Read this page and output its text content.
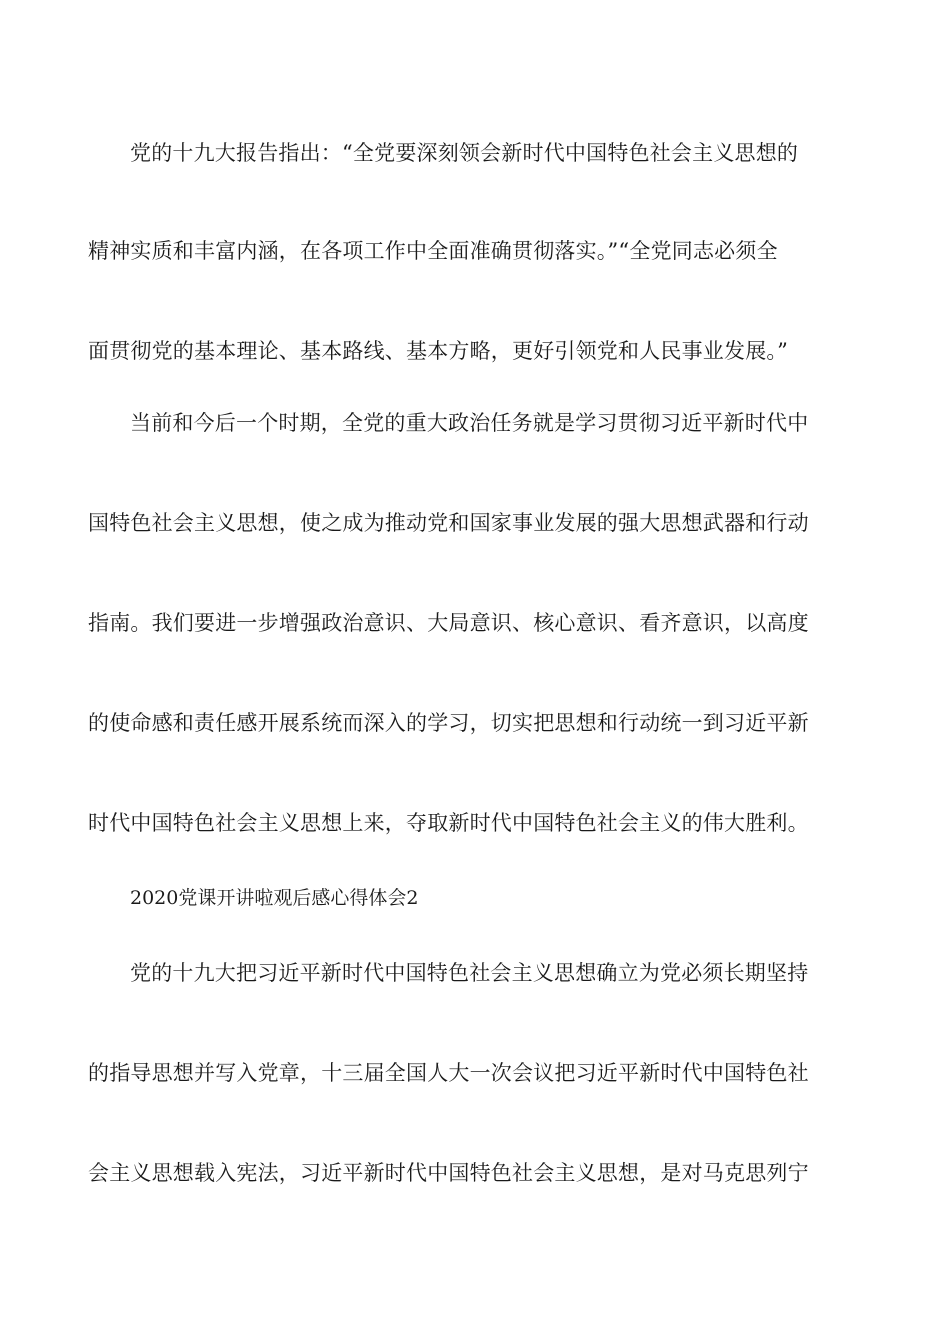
党的十九大报告指出：“全党要深刻领会新时代中国特色社会主义思想的
精神实质和丰富内涵，在各项工作中全面准确贯彻落实。”“全党同志必须全
面贯彻党的基本理论、基本路线、基本方略，更好引领党和人民事业发展。”
当前和今后一个时期，全党的重大政治任务就是学习贯彻习近平新时代中
国特色社会主义思想，使之成为推动党和国家事业发展的强大思想武器和行动
指南。我们要进一步增强政治意识、大局意识、核心意识、看齐意识，以高度
的使命感和责任感开展系统而深入的学习，切实把思想和行动统一到习近平新
时代中国特色社会主义思想上来，夺取新时代中国特色社会主义的伟大胜利。
2020党课开讲啦观后感心得体会2
党的十九大把习近平新时代中国特色社会主义思想确立为党必须长期坚持
的指导思想并写入党章，十三届全国人大一次会议把习近平新时代中国特色社
会主义思想载入宪法，习近平新时代中国特色社会主义思想，是对马克思列宁
